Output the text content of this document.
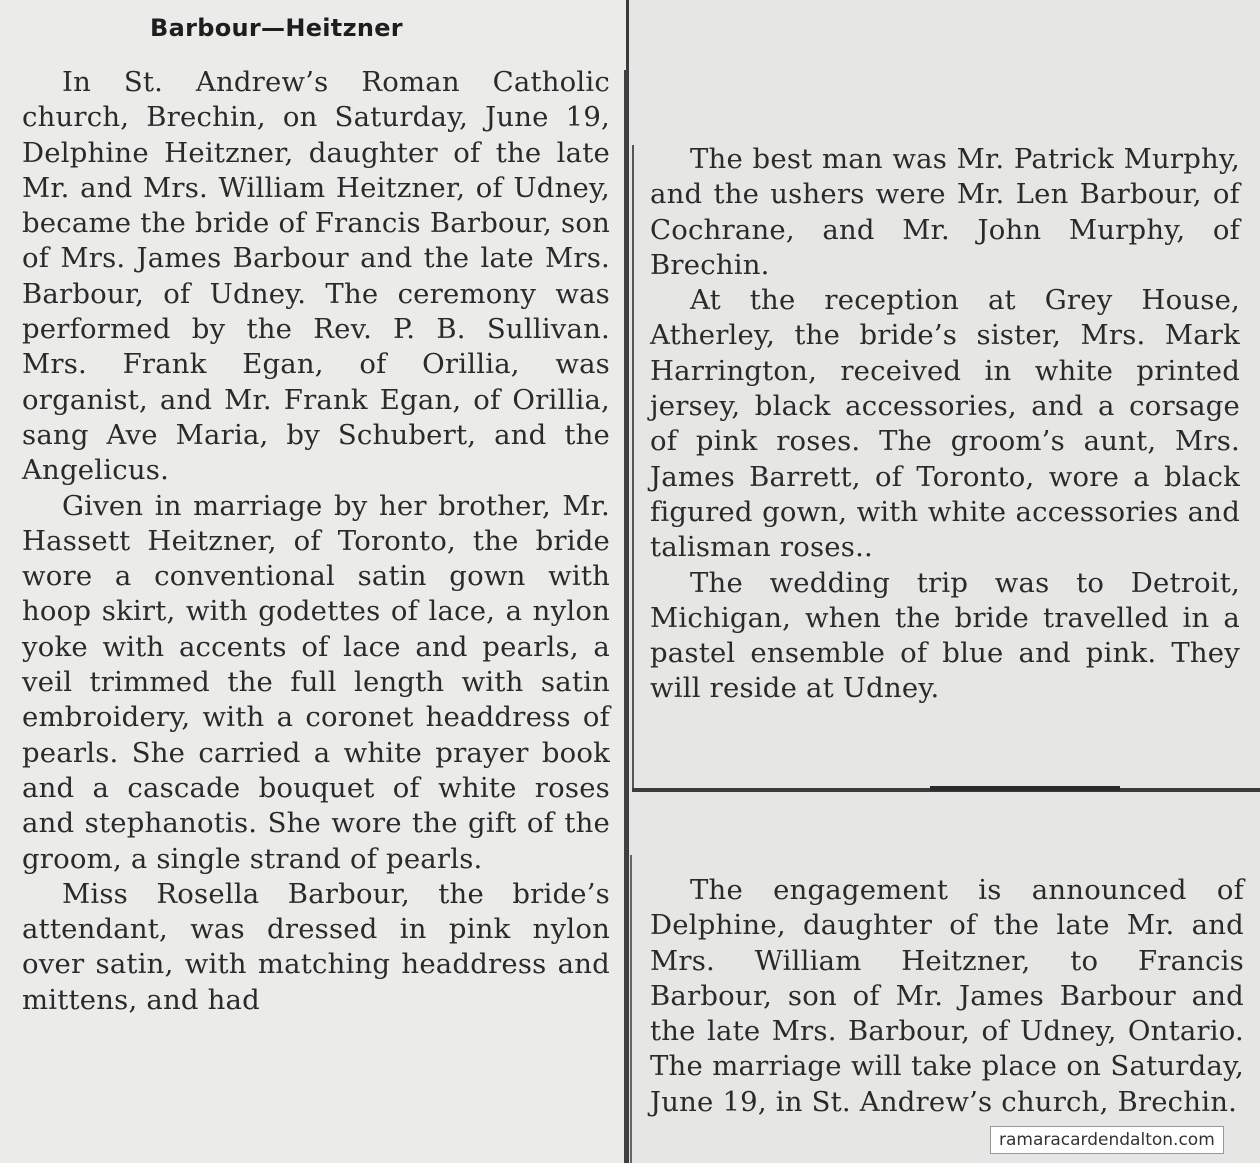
Barbour—Heitzner

In St. Andrew’s Roman Catholic church, Brechin, on Saturday, June 19, Delphine Heitzner, daughter of the late Mr. and Mrs. William Heitzner, of Udney, became the bride of Francis Barbour, son of Mrs. James Barbour and the late Mrs. Barbour, of Udney. The ceremony was performed by the Rev. P. B. Sullivan. Mrs. Frank Egan, of Orillia, was organist, and Mr. Frank Egan, of Orillia, sang Ave Maria, by Schubert, and the Angelicus.

Given in marriage by her brother, Mr. Hassett Heitzner, of Toronto, the bride wore a conventional satin gown with hoop skirt, with godettes of lace, a nylon yoke with accents of lace and pearls, a veil trimmed the full length with satin embroidery, with a coronet headdress of pearls. She carried a white prayer book and a cascade bouquet of white roses and stephanotis. She wore the gift of the groom, a single strand of pearls.

Miss Rosella Barbour, the bride’s attendant, was dressed in pink nylon over satin, with matching headdress and mittens, and had

The best man was Mr. Patrick Murphy, and the ushers were Mr. Len Barbour, of Cochrane, and Mr. John Murphy, of Brechin.

At the reception at Grey House, Atherley, the bride’s sister, Mrs. Mark Harrington, received in white printed jersey, black accessories, and a corsage of pink roses. The groom’s aunt, Mrs. James Barrett, of Toronto, wore a black figured gown, with white accessories and talisman roses..

The wedding trip was to Detroit, Michigan, when the bride travelled in a pastel ensemble of blue and pink. They will reside at Udney.

The engagement is announced of Delphine, daughter of the late Mr. and Mrs. William Heitzner, to Francis Barbour, son of Mr. James Barbour and the late Mrs. Barbour, of Udney, Ontario. The marriage will take place on Saturday, June 19, in St. Andrew’s church, Brechin.

ramaracardendalton.com
